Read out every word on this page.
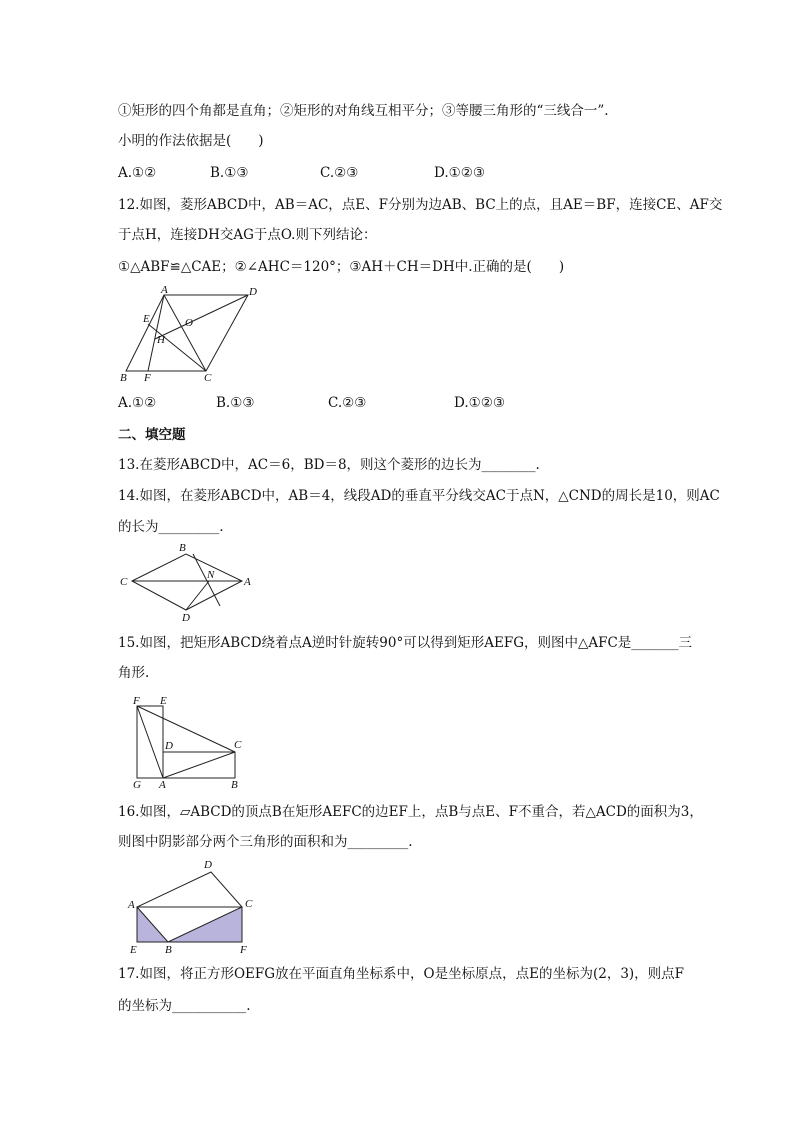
①矩形的四个角都是直角；②矩形的对角线互相平分；③等腰三角形的“三线合一”.
小明的作法依据是(　　)
A.①②	B.①③	C.②③	D.①②③
12.如图，菱形ABCD中，AB＝AC，点E、F分别为边AB、BC上的点，且AE＝BF，连接CE、AF交
于点H，连接DH交AG于点O.则下列结论：
①△ABF≌△CAE；②∠AHC＝120°；③AH＋CH＝DH中.正确的是(　　)
A	D
E	O
H
B F	C
A.①②	B.①③	C.②③	D.①②③
二、填空题
13.在菱形ABCD中，AC＝6，BD＝8，则这个菱形的边长为________.
14.如图，在菱形ABCD中，AB＝4，线段AD的垂直平分线交AC于点N，△CND的周长是10，则AC
的长为_________.
B
N
C	A
D
15.如图，把矩形ABCD绕着点A逆时针旋转90°可以得到矩形AEFG，则图中△AFC是_______三
角形.
F E
D	C
G A	B
16.如图，▱ABCD的顶点B在矩形AEFC的边EF上，点B与点E、F不重合，若△ACD的面积为3，
则图中阴影部分两个三角形的面积和为_________.
D
A	C
E	B	F
17.如图，将正方形OEFG放在平面直角坐标系中，O是坐标原点，点E的坐标为(2，3)，则点F
的坐标为___________.
